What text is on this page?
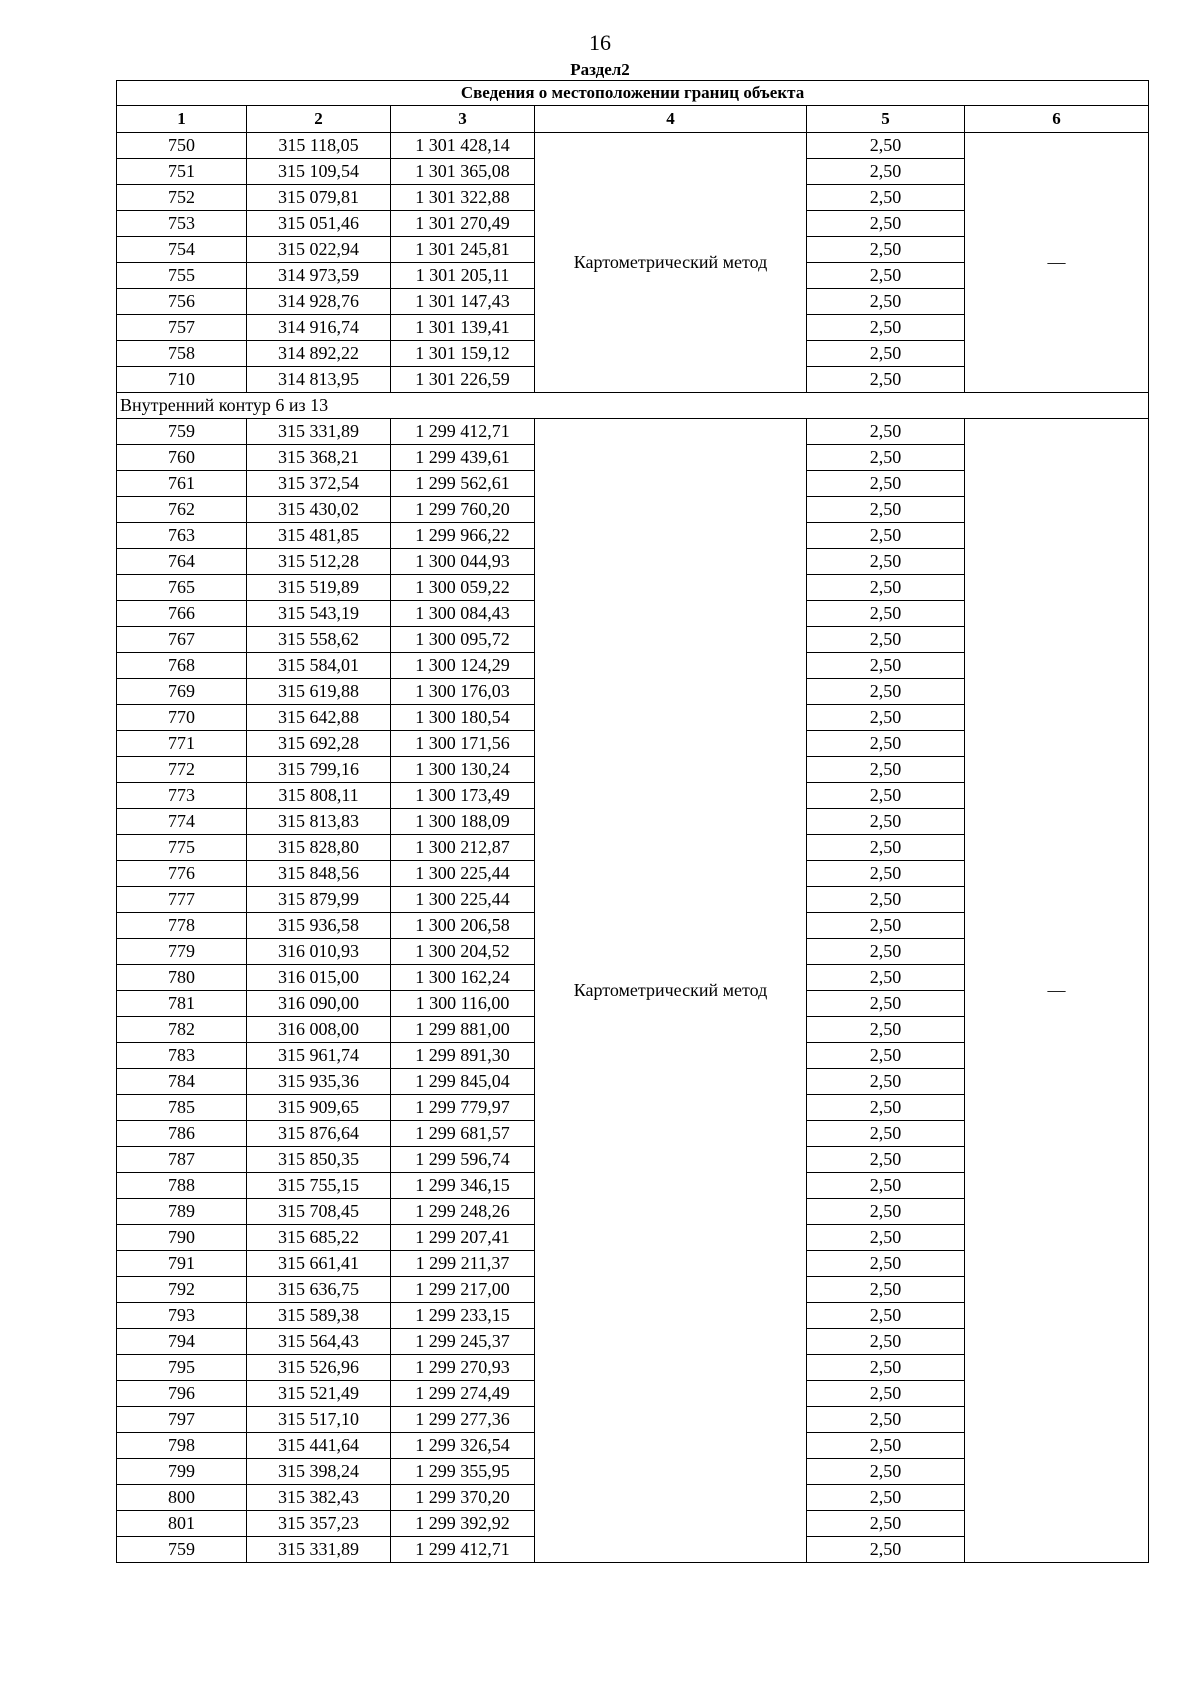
16
Раздел2
Сведения о местоположении границ объекта					
1	2	3	4	5	6
750	315 118,05	1 301 428,14	Картометрический метод	2,50	—
751	315 109,54	1 301 365,08		2,50	
752	315 079,81	1 301 322,88		2,50	
753	315 051,46	1 301 270,49		2,50	
754	315 022,94	1 301 245,81		2,50	
755	314 973,59	1 301 205,11		2,50	
756	314 928,76	1 301 147,43		2,50	
757	314 916,74	1 301 139,41		2,50	
758	314 892,22	1 301 159,12		2,50	
710	314 813,95	1 301 226,59		2,50	
Внутренний контур 6 из 13					
759	315 331,89	1 299 412,71	Картометрический метод	2,50	—
760	315 368,21	1 299 439,61		2,50	
761	315 372,54	1 299 562,61		2,50	
762	315 430,02	1 299 760,20		2,50	
763	315 481,85	1 299 966,22		2,50	
764	315 512,28	1 300 044,93		2,50	
765	315 519,89	1 300 059,22		2,50	
766	315 543,19	1 300 084,43		2,50	
767	315 558,62	1 300 095,72		2,50	
768	315 584,01	1 300 124,29		2,50	
769	315 619,88	1 300 176,03		2,50	
770	315 642,88	1 300 180,54		2,50	
771	315 692,28	1 300 171,56		2,50	
772	315 799,16	1 300 130,24		2,50	
773	315 808,11	1 300 173,49		2,50	
774	315 813,83	1 300 188,09		2,50	
775	315 828,80	1 300 212,87		2,50	
776	315 848,56	1 300 225,44		2,50	
777	315 879,99	1 300 225,44		2,50	
778	315 936,58	1 300 206,58		2,50	
779	316 010,93	1 300 204,52		2,50	
780	316 015,00	1 300 162,24		2,50	
781	316 090,00	1 300 116,00		2,50	
782	316 008,00	1 299 881,00		2,50	
783	315 961,74	1 299 891,30		2,50	
784	315 935,36	1 299 845,04		2,50	
785	315 909,65	1 299 779,97		2,50	
786	315 876,64	1 299 681,57		2,50	
787	315 850,35	1 299 596,74		2,50	
788	315 755,15	1 299 346,15		2,50	
789	315 708,45	1 299 248,26		2,50	
790	315 685,22	1 299 207,41		2,50	
791	315 661,41	1 299 211,37		2,50	
792	315 636,75	1 299 217,00		2,50	
793	315 589,38	1 299 233,15		2,50	
794	315 564,43	1 299 245,37		2,50	
795	315 526,96	1 299 270,93		2,50	
796	315 521,49	1 299 274,49		2,50	
797	315 517,10	1 299 277,36		2,50	
798	315 441,64	1 299 326,54		2,50	
799	315 398,24	1 299 355,95		2,50	
800	315 382,43	1 299 370,20		2,50	
801	315 357,23	1 299 392,92		2,50	
759	315 331,89	1 299 412,71		2,50	
